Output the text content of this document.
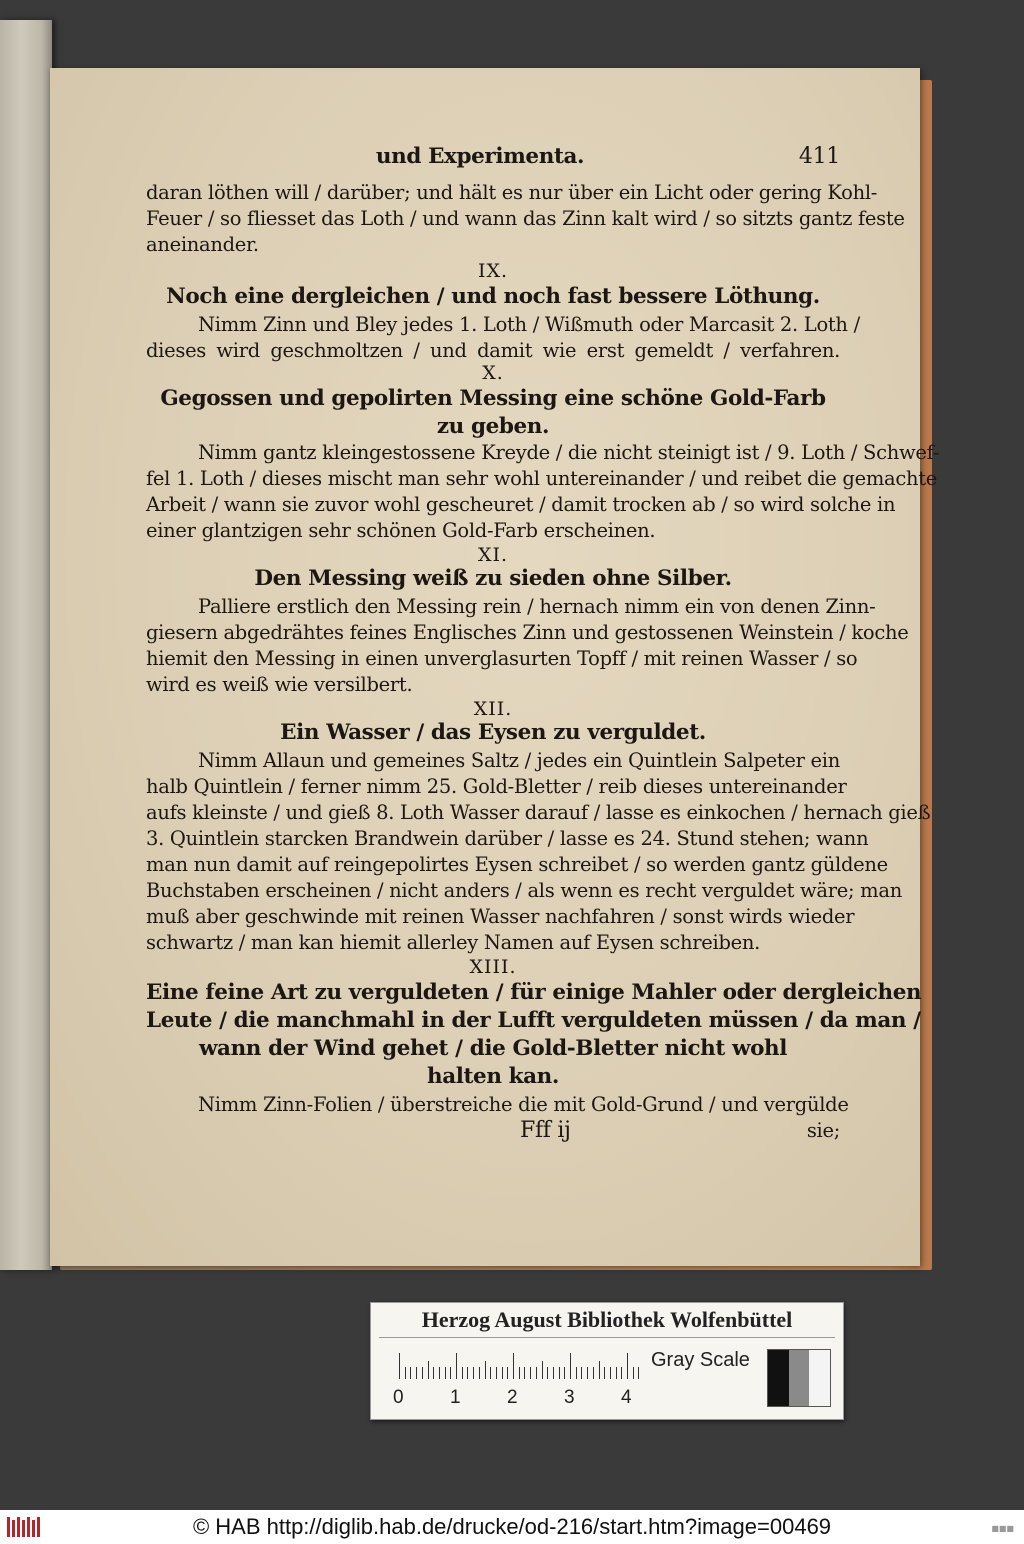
und Experimenta.	411
daran löthen will / darüber; und hält es nur über ein Licht oder gering Kohl-
Feuer / so fliesset das Loth / und wann das Zinn kalt wird / so sitzts gantz feste
aneinander.
IX.
Noch eine dergleichen / und noch fast bessere Löthung.
Nimm Zinn und Bley jedes 1. Loth / Wißmuth oder Marcasit 2. Loth /
dieses wird geschmoltzen / und damit wie erst gemeldt / verfahren.
X.
Gegossen und gepolirten Messing eine schöne Gold-Farb
zu geben.
Nimm gantz kleingestossene Kreyde / die nicht steinigt ist / 9. Loth / Schwef-
fel 1. Loth / dieses mischt man sehr wohl untereinander / und reibet die gemachte
Arbeit / wann sie zuvor wohl gescheuret / damit trocken ab / so wird solche in
einer glantzigen sehr schönen Gold-Farb erscheinen.
XI.
Den Messing weiß zu sieden ohne Silber.
Palliere erstlich den Messing rein / hernach nimm ein von denen Zinn-
giesern abgedrähtes feines Englisches Zinn und gestossenen Weinstein / koche
hiemit den Messing in einen unverglasurten Topff / mit reinen Wasser / so
wird es weiß wie versilbert.
XII.
Ein Wasser / das Eysen zu verguldet.
Nimm Allaun und gemeines Saltz / jedes ein Quintlein Salpeter ein
halb Quintlein / ferner nimm 25. Gold-Bletter / reib dieses untereinander
aufs kleinste / und gieß 8. Loth Wasser darauf / lasse es einkochen / hernach gieß
3. Quintlein starcken Brandwein darüber / lasse es 24. Stund stehen; wann
man nun damit auf reingepolirtes Eysen schreibet / so werden gantz güldene
Buchstaben erscheinen / nicht anders / als wenn es recht verguldet wäre; man
muß aber geschwinde mit reinen Wasser nachfahren / sonst wirds wieder
schwartz / man kan hiemit allerley Namen auf Eysen schreiben.
XIII.
Eine feine Art zu verguldeten / für einige Mahler oder dergleichen
Leute / die manchmahl in der Lufft verguldeten müssen / da man /
wann der Wind gehet / die Gold-Bletter nicht wohl
halten kan.
Nimm Zinn-Folien / überstreiche die mit Gold-Grund / und vergülde
Fff ij	sie;
Herzog August Bibliothek Wolfenbüttel
0 1 2 3 4
Gray Scale
© HAB http://diglib.hab.de/drucke/od-216/start.htm?image=00469	■■■
